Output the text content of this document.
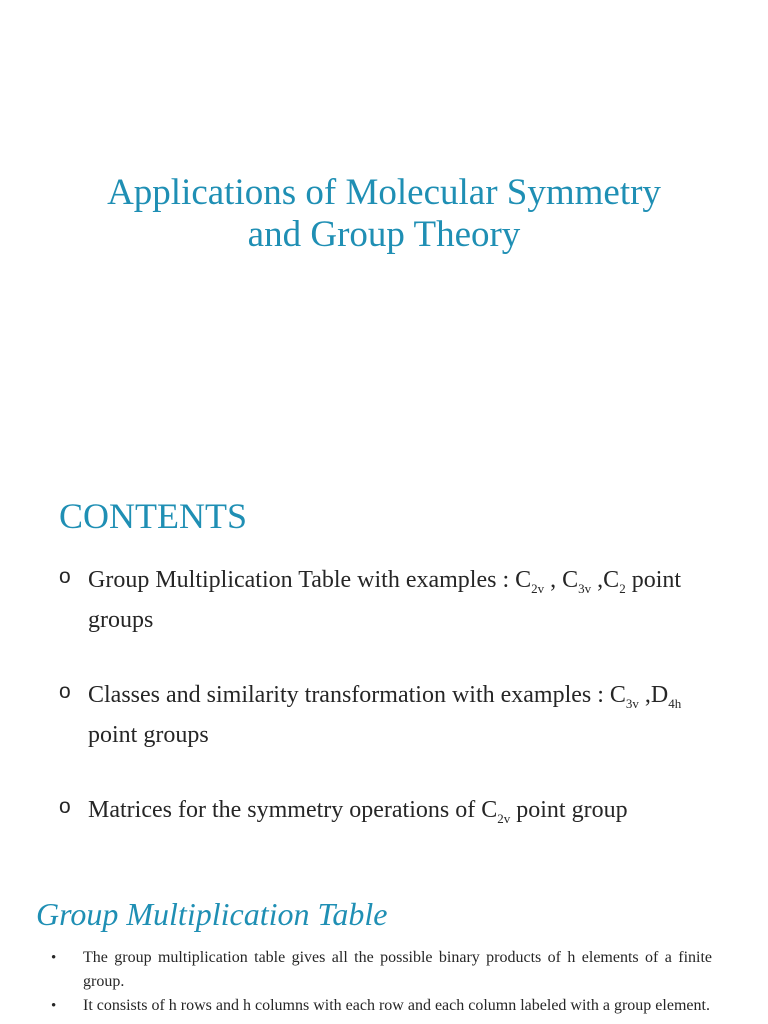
Applications of Molecular Symmetry
and Group Theory
CONTENTS
o Group Multiplication Table with examples : $C_{2v}$ , $C_{3v}$ $,C_2$ point groups
o Classes and similarity transformation with examples : $C_{3v}$ $,D_{4h}$ point groups
o Matrices for the symmetry operations of $C_{2v}$ point group
Group Multiplication Table
• The group multiplication table gives all the possible binary products of h elements of a finite group.
• It consists of h rows and h columns with each row and each column labeled with a group element.
